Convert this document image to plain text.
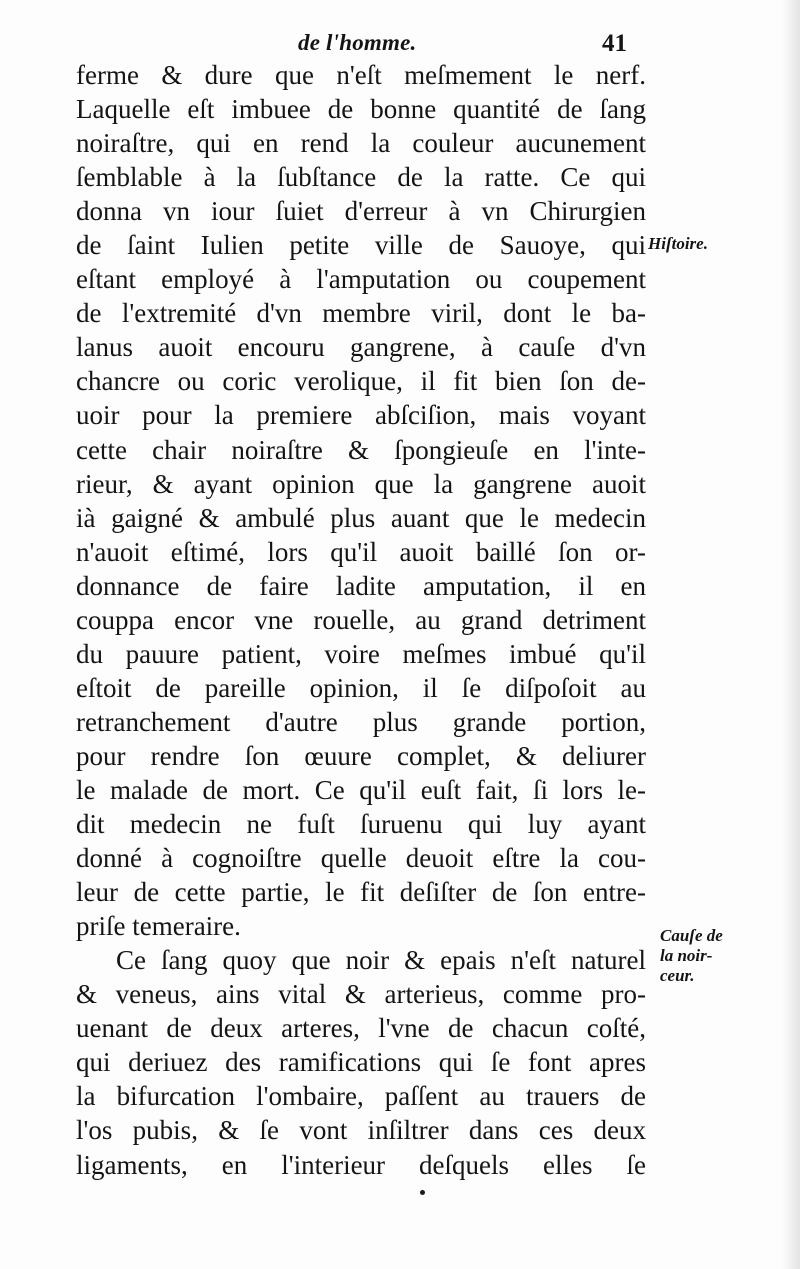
de l'homme.	41
ferme & dure que n'eſt meſmement le nerf.
Laquelle eſt imbuee de bonne quantité de ſang
noiraſtre, qui en rend la couleur aucunement
ſemblable à la ſubſtance de la ratte. Ce qui
donna vn iour ſuiet d'erreur à vn Chirurgien
de ſaint Iulien petite ville de Sauoye, qui
eſtant employé à l'amputation ou coupement
de l'extremité d'vn membre viril, dont le ba-
lanus auoit encouru gangrene, à cauſe d'vn
chancre ou coric verolique, il fit bien ſon de-
uoir pour la premiere abſciſion, mais voyant
cette chair noiraſtre & ſpongieuſe en l'inte-
rieur, & ayant opinion que la gangrene auoit
ià gaigné & ambulé plus auant que le medecin
n'auoit eſtimé, lors qu'il auoit baillé ſon or-
donnance de faire ladite amputation, il en
couppa encor vne rouelle, au grand detriment
du pauure patient, voire meſmes imbué qu'il
eſtoit de pareille opinion, il ſe diſpoſoit au
retranchement d'autre plus grande portion,
pour rendre ſon œuure complet, & deliurer
le malade de mort. Ce qu'il euſt fait, ſi lors le-
dit medecin ne fuſt ſuruenu qui luy ayant
donné à cognoiſtre quelle deuoit eſtre la cou-
leur de cette partie, le fit deſiſter de ſon entre-
priſe temeraire.
Ce ſang quoy que noir & epais n'eſt naturel
& veneus, ains vital & arterieus, comme pro-
uenant de deux arteres, l'vne de chacun coſté,
qui deriuez des ramifications qui ſe font apres
la bifurcation l'ombaire, paſſent au trauers de
l'os pubis, & ſe vont inſiltrer dans ces deux
ligaments, en l'interieur deſquels elles ſe
Hiſtoire.
Cauſe de
la noir-
ceur.
